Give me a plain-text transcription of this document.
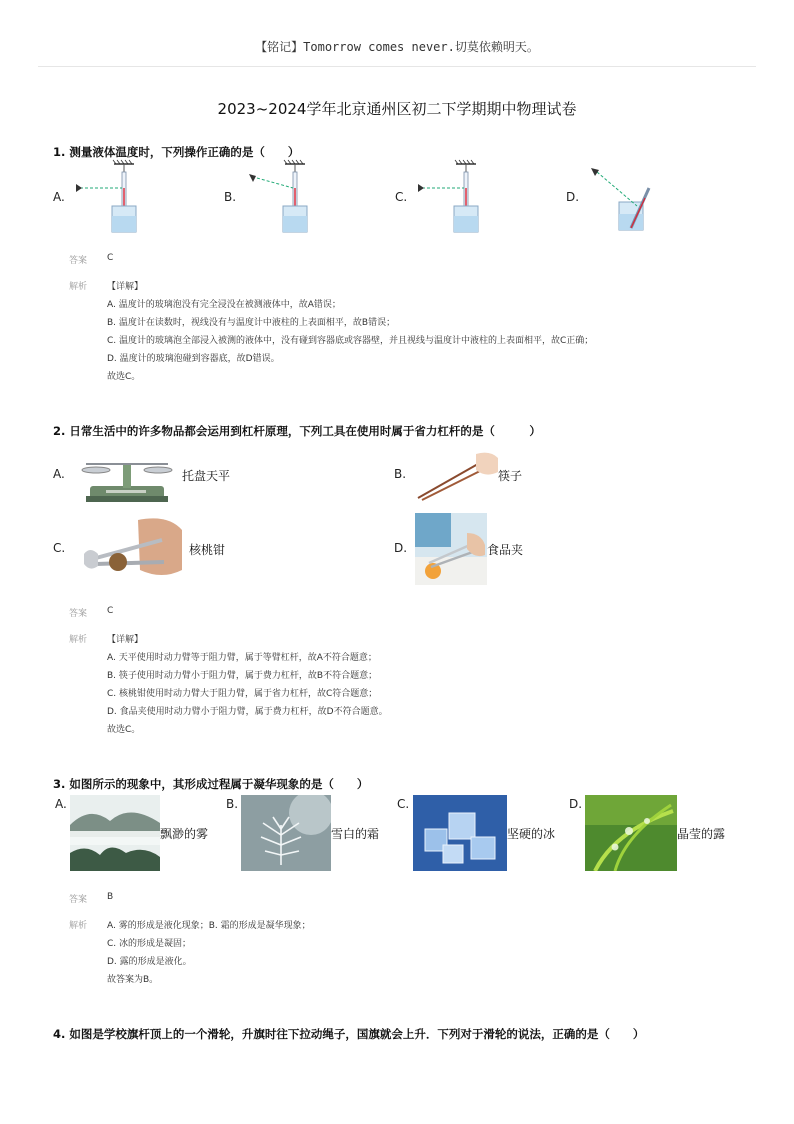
【铭记】Tomorrow comes never.切莫依赖明天。
2023~2024学年北京通州区初二下学期期中物理试卷
1. 测量液体温度时，下列操作正确的是（　　）
A.	B.	C.	D.
答案 C
解析 【详解】
A. 温度计的玻璃泡没有完全浸没在被测液体中，故A错误；
B. 温度计在读数时，视线没有与温度计中液柱的上表面相平，故B错误；
C. 温度计的玻璃泡全部浸入被测的液体中，没有碰到容器底或容器壁，并且视线与温度计中液柱的上表面相平，故C正确；
D. 温度计的玻璃泡碰到容器底，故D错误。
故选C。
2. 日常生活中的许多物品都会运用到杠杆原理，下列工具在使用时属于省力杠杆的是（　　　）
A.	托盘天平	B.	筷子
C.	核桃钳	D.	食品夹
答案 C
解析 【详解】
A. 天平使用时动力臂等于阻力臂，属于等臂杠杆，故A不符合题意；
B. 筷子使用时动力臂小于阻力臂，属于费力杠杆，故B不符合题意；
C. 核桃钳使用时动力臂大于阻力臂，属于省力杠杆，故C符合题意；
D. 食品夹使用时动力臂小于阻力臂，属于费力杠杆，故D不符合题意。
故选C。
3. 如图所示的现象中，其形成过程属于凝华现象的是（　　）
A.
飘渺的雾
B.
雪白的霜
C.
坚硬的冰
D.
晶莹的露
答案 B
解析 A. 雾的形成是液化现象；B. 霜的形成是凝华现象；
C. 冰的形成是凝固；
D. 露的形成是液化。
故答案为B。
4. 如图是学校旗杆顶上的一个滑轮，升旗时往下拉动绳子，国旗就会上升．下列对于滑轮的说法，正确的是（　　）
